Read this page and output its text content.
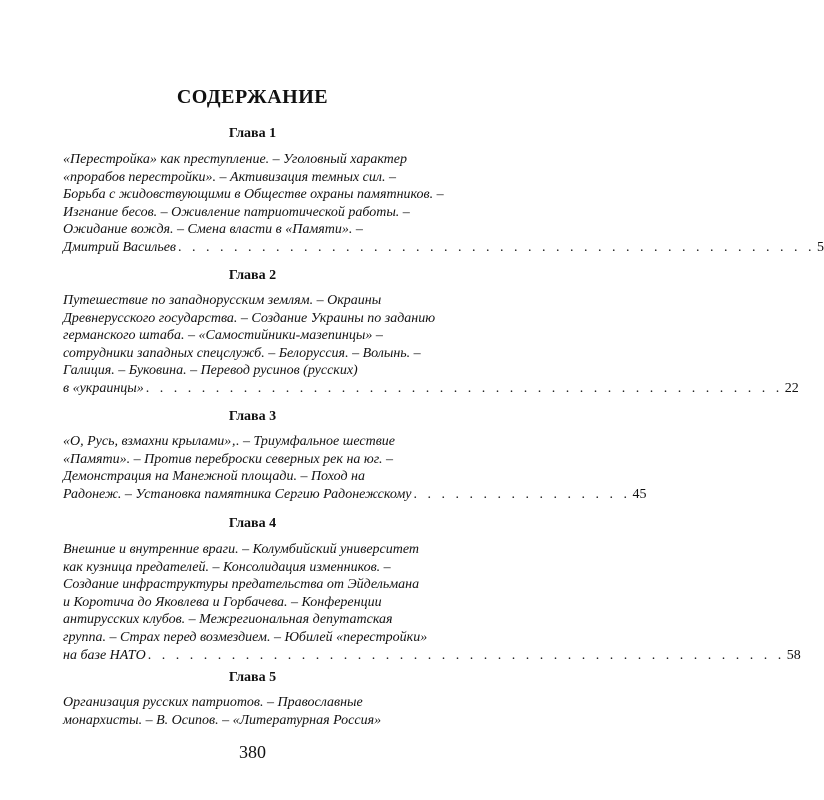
СОДЕРЖАНИЕ

Глава 1

«Перестройка» как преступление. – Уголовный характер

«прорабов перестройки». – Активизация темных сил. –

Борьба с жидовствующими в Обществе охраны памятников. –

Изгнание бесов. – Оживление патриотической работы. –

Ожидание вождя. – Смена власти в «Памяти». –

Дмитрий Васильев . . . . . . . . . . . . . . . . . . . . . . . . . . . . . . . . . . . . . . . . . . . . . . 5

Глава 2

Путешествие по западнорусским землям. – Окраины

Древнерусского государства. – Создание Украины по заданию

германского штаба. – «Самостийники-мазепинцы» –

сотрудники западных спецслужб. – Белоруссия. – Волынь. –

Галиция. – Буковина. – Перевод русинов (русских)

в «украинцы» . . . . . . . . . . . . . . . . . . . . . . . . . . . . . . . . . . . . . . . . . . . . . . 22

Глава 3

«О, Русь, взмахни крылами»‚. – Триумфальное шествие

«Памяти». – Против переброски северных рек на юг. –

Демонстрация на Манежной площади. – Поход на

Радонеж. – Установка памятника Сергию Радонежскому . . . . . . . . . . . . . . . . 45

Глава 4

Внешние и внутренние враги. – Колумбийский университет

как кузница предателей. – Консолидация изменников. –

Создание инфраструктуры предательства от Эйдельмана

и Коротича до Яковлева и Горбачева. – Конференции

антирусских клубов. – Межрегиональная депутатская

группа. – Страх перед возмездием. – Юбилей «перестройки»

на базе НАТО . . . . . . . . . . . . . . . . . . . . . . . . . . . . . . . . . . . . . . . . . . . . . . 58

Глава 5

Организация русских патриотов. – Православные

монархисты. – В. Осипов. – «Литературная Россия»

380
